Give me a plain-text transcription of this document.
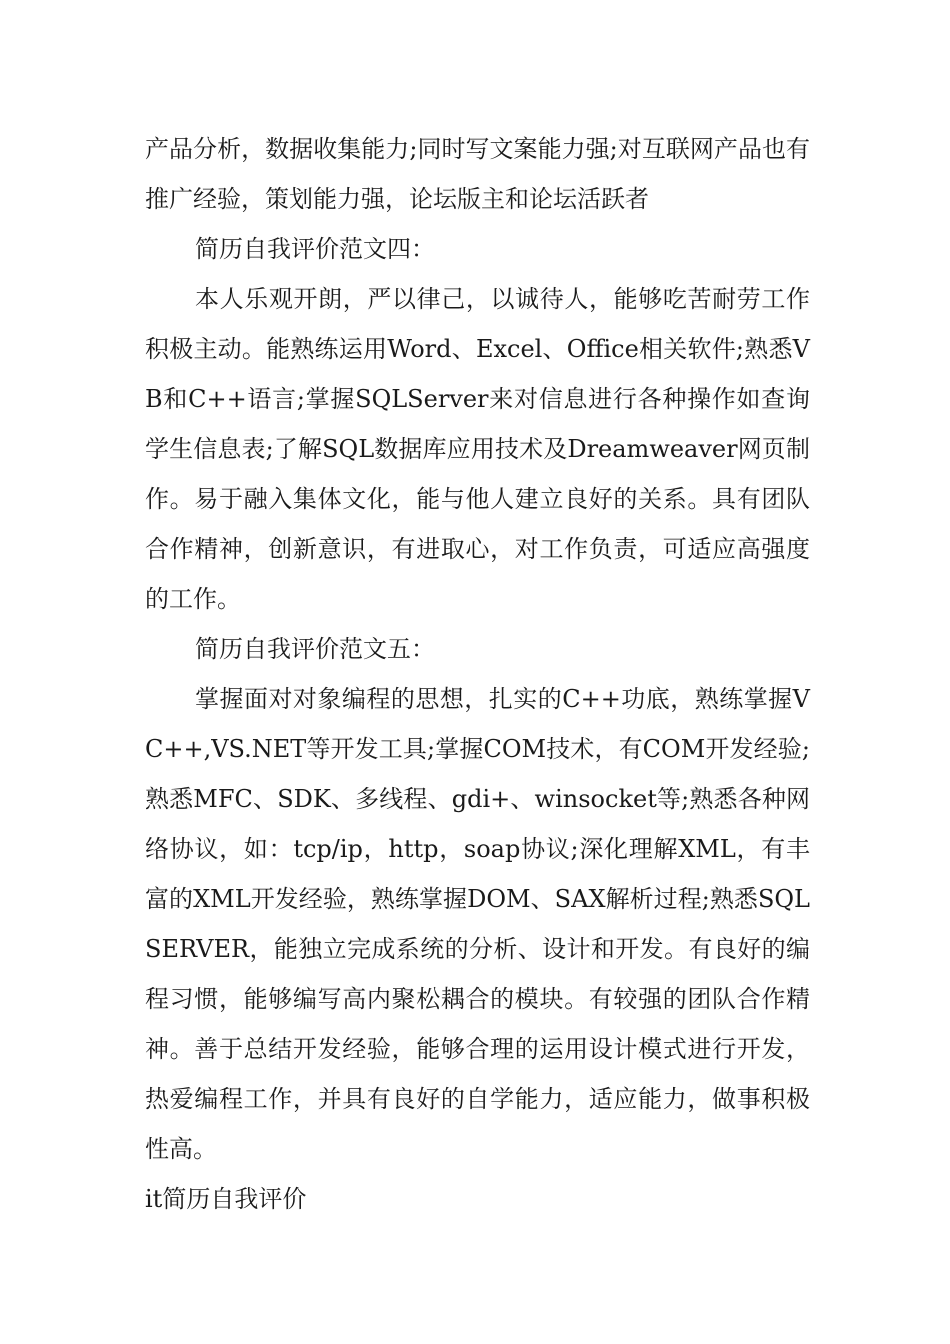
产品分析，数据收集能力;同时写文案能力强;对互联网产品也有推广经验，策划能力强，论坛版主和论坛活跃者

简历自我评价范文四：

本人乐观开朗，严以律己，以诚待人，能够吃苦耐劳工作积极主动。能熟练运用Word、Excel、Office相关软件;熟悉VB和C++语言;掌握SQLServer来对信息进行各种操作如查询学生信息表;了解SQL数据库应用技术及Dreamweaver网页制作。易于融入集体文化，能与他人建立良好的关系。具有团队合作精神，创新意识，有进取心，对工作负责，可适应高强度的工作。

简历自我评价范文五：

掌握面对对象编程的思想，扎实的C++功底，熟练掌握VC++,VS.NET等开发工具;掌握COM技术，有COM开发经验;熟悉MFC、SDK、多线程、gdi+、winsocket等;熟悉各种网络协议，如：tcp/ip，http，soap协议;深化理解XML，有丰富的XML开发经验，熟练掌握DOM、SAX解析过程;熟悉SQLSERVER，能独立完成系统的分析、设计和开发。有良好的编程习惯，能够编写高内聚松耦合的模块。有较强的团队合作精神。善于总结开发经验，能够合理的运用设计模式进行开发，热爱编程工作，并具有良好的自学能力，适应能力，做事积极性高。

it简历自我评价
